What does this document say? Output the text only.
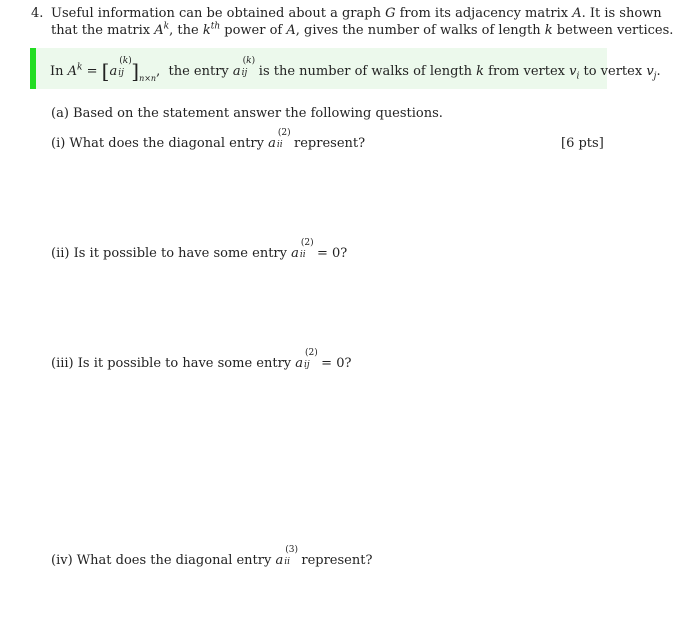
4. Useful information can be obtained about a graph G from its adjacency matrix A. It is shown
that the matrix $A^k$, the $k^{th}$ power of A, gives the number of walks of length k between vertices.
In $A^k = [a$
(k)
ij ]$_{n\times n}$,  the entry a
(k)
ij is the number of walks of length k from vertex $v_i$ to vertex $v_j$.
(a) Based on the statement answer the following questions.
(i) What does the diagonal entry a
(2)
ii represent?	[6 pts]
(ii) Is it possible to have some entry a
(2)
ii = 0?
(iii) Is it possible to have some entry a
(2)
ij = 0?
(iv) What does the diagonal entry a
(3)
ii represent?
